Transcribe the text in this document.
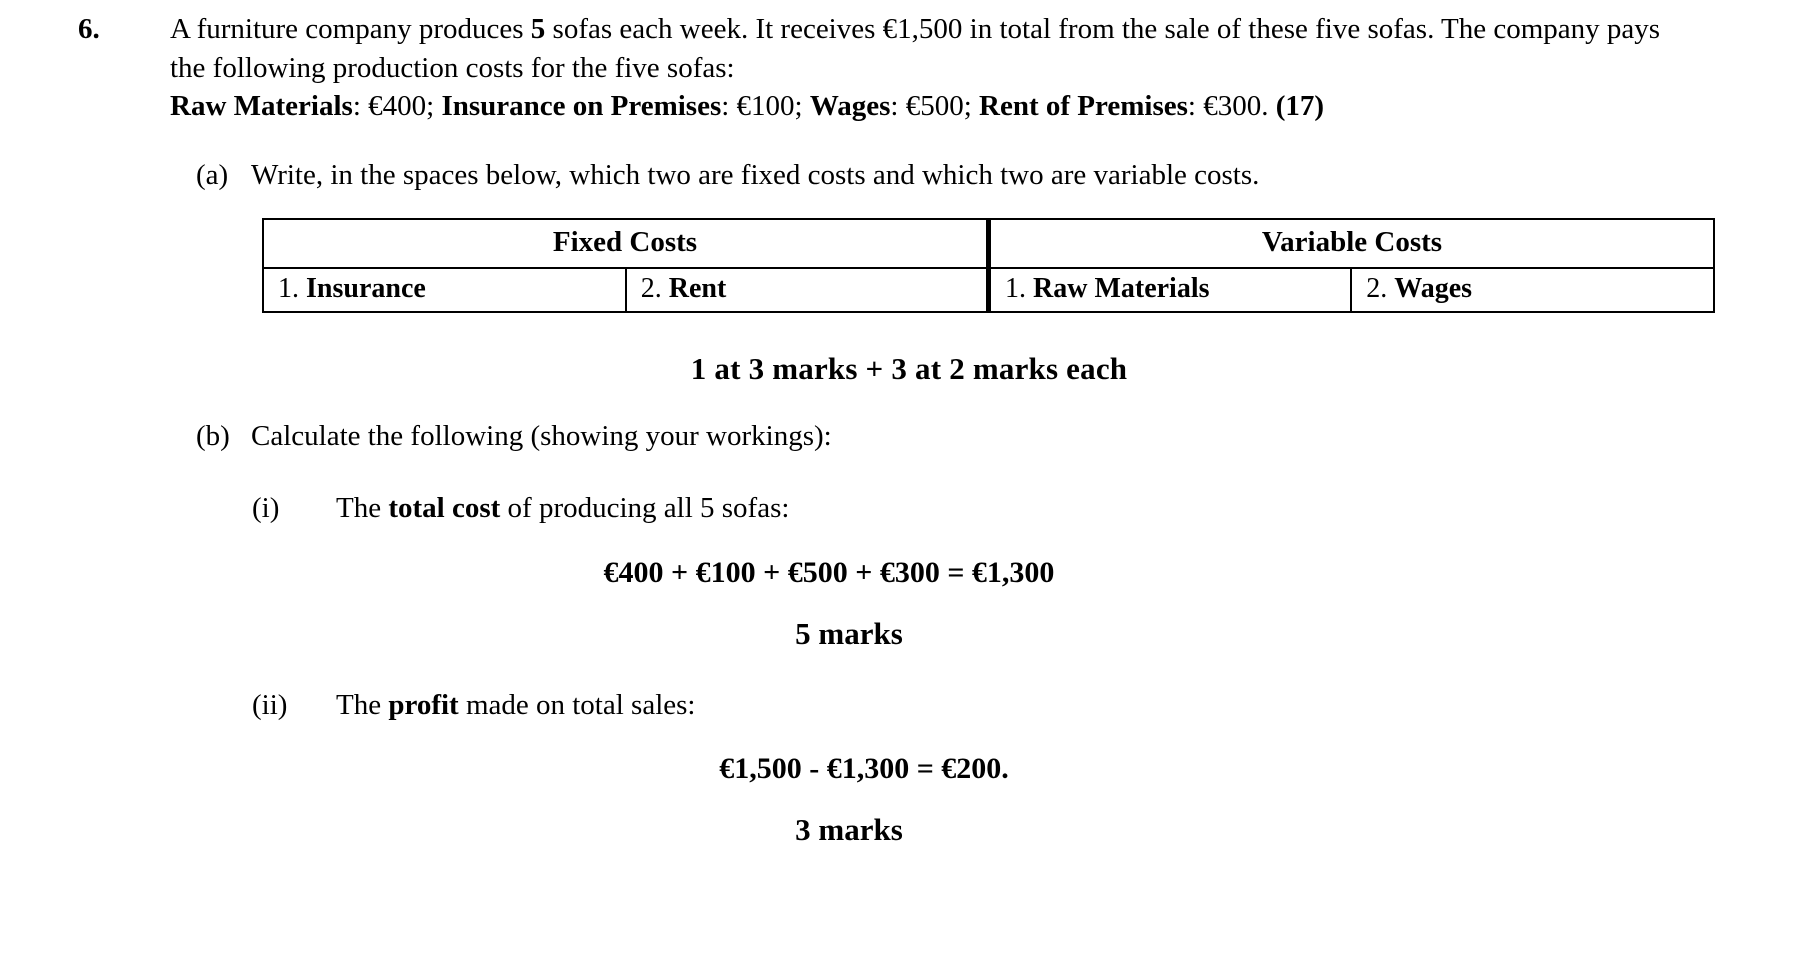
6.	A furniture company produces 5 sofas each week. It receives €1,500 in total from the sale of these five sofas. The company pays the following production costs for the five sofas:

Raw Materials: €400; Insurance on Premises: €100; Wages: €500; Rent of Premises: €300. (17)

(a) Write, in the spaces below, which two are fixed costs and which two are variable costs.
Fixed Costs		Variable Costs	
1. Insurance	2. Rent	1. Raw Materials	2. Wages
1 at 3 marks + 3 at 2 marks each
(b) Calculate the following (showing your workings):
(i)	The total cost of producing all 5 sofas:
€400 + €100 + €500 + €300 = €1,300
5 marks
(ii)	The profit made on total sales:
€1,500 - €1,300 = €200.
3 marks
